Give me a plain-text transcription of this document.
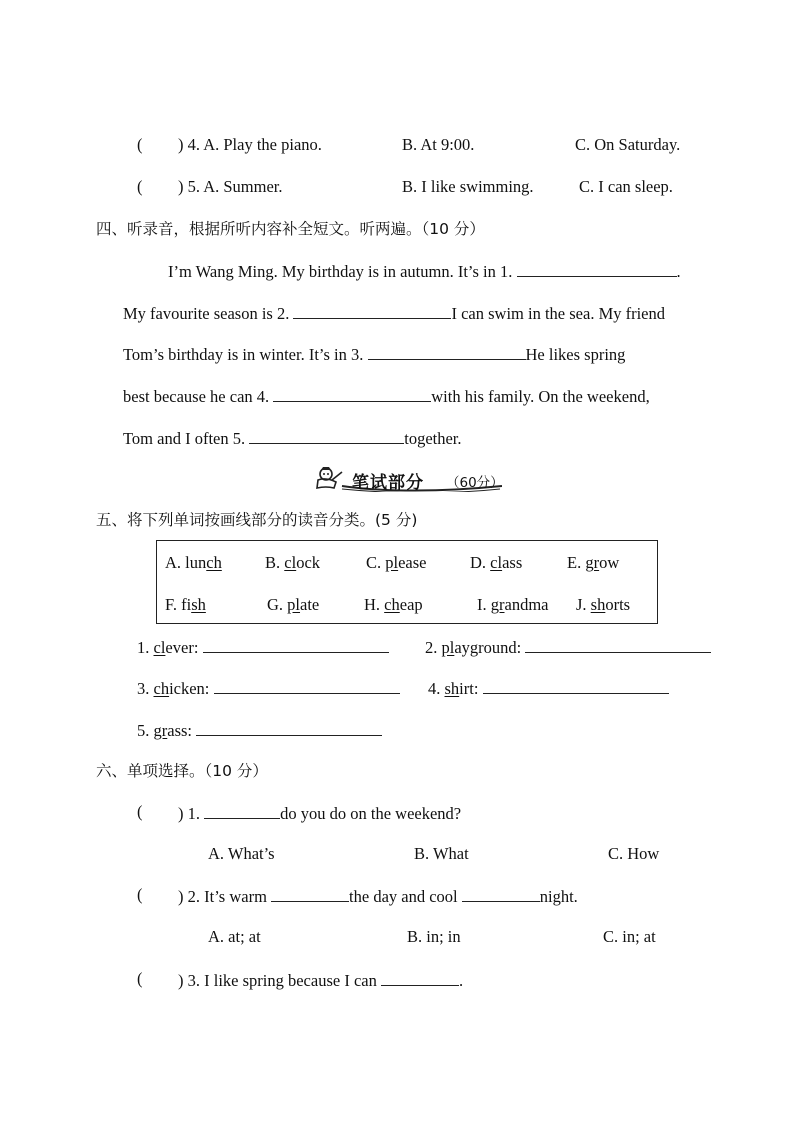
( ) 4. A. Play the piano.	B. At 9:00.	C. On Saturday.
( ) 5. A. Summer.	B. I like swimming.	C. I can sleep.
四、听录音，根据所听内容补全短文。听两遍。（10 分）
I’m Wang Ming. My birthday is in autumn. It’s in 1.	.
My favourite season is 2.	I can swim in the sea. My friend
Tom’s birthday is in winter. It’s in 3.	He likes spring
best because he can 4.	with his family. On the weekend,
Tom and I often 5.	together.
笔试部分 （60分）
五、将下列单词按画线部分的读音分类。(5 分)
A. lunch	B. clock	C. please	D. class	E. grow
F. fish	G. plate	H. cheap	I. grandma J. shorts
1. clever:	2. playground:
3. chicken:	4. shirt:
5. grass:
六、单项选择。（10 分）
( ) 1.	do you do on the weekend?
A. What’s	B. What	C. How
( ) 2. It’s warm	the day and cool	night.
A. at; at	B. in; in	C. in; at
( ) 3. I like spring because I can	.
